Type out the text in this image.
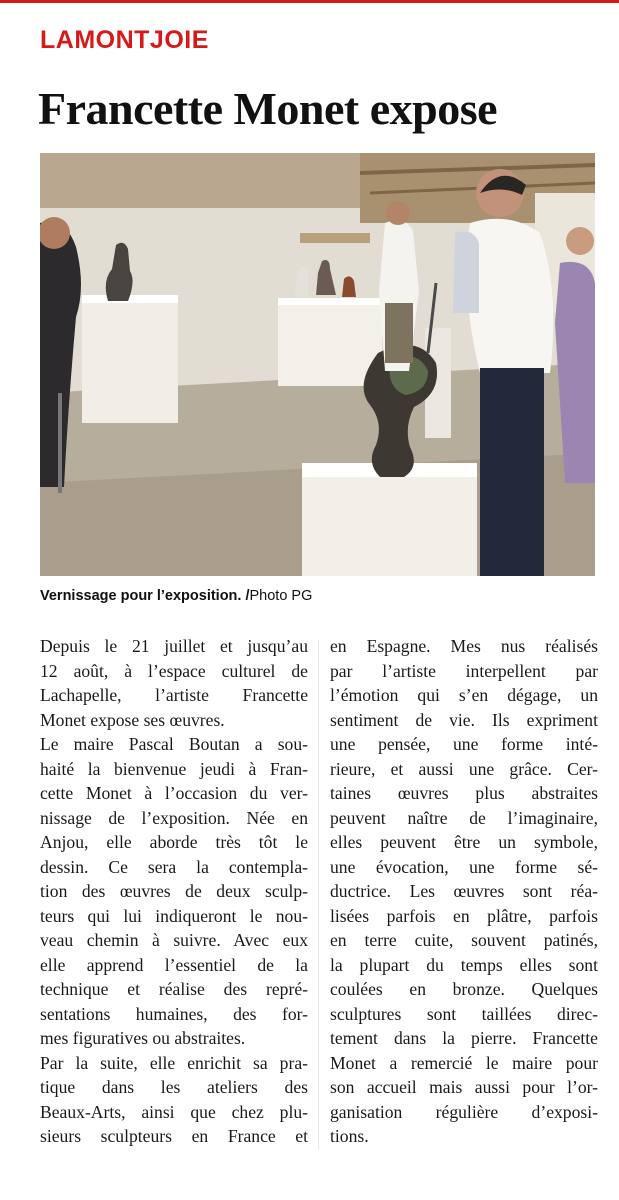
LAMONTJOIE
Francette Monet expose
Vernissage pour l’exposition. /Photo PG
Depuis le 21 juillet et jusqu’au
12 août, à l’espace culturel de
Lachapelle, l’artiste Francette
Monet expose ses œuvres.
Le maire Pascal Boutan a sou-
haité la bienvenue jeudi à Fran-
cette Monet à l’occasion du ver-
nissage de l’exposition. Née en
Anjou, elle aborde très tôt le
dessin. Ce sera la contempla-
tion des œuvres de deux sculp-
teurs qui lui indiqueront le nou-
veau chemin à suivre. Avec eux
elle apprend l’essentiel de la
technique et réalise des repré-
sentations humaines, des for-
mes figuratives ou abstraites.
Par la suite, elle enrichit sa pra-
tique dans les ateliers des
Beaux-Arts, ainsi que chez plu-
sieurs sculpteurs en France et
en Espagne. Mes nus réalisés
par l’artiste interpellent par
l’émotion qui s’en dégage, un
sentiment de vie. Ils expriment
une pensée, une forme inté-
rieure, et aussi une grâce. Cer-
taines œuvres plus abstraites
peuvent naître de l’imaginaire,
elles peuvent être un symbole,
une évocation, une forme sé-
ductrice. Les œuvres sont réa-
lisées parfois en plâtre, parfois
en terre cuite, souvent patinés,
la plupart du temps elles sont
coulées en bronze. Quelques
sculptures sont taillées direc-
tement dans la pierre. Francette
Monet a remercié le maire pour
son accueil mais aussi pour l’or-
ganisation régulière d’exposi-
tions.
